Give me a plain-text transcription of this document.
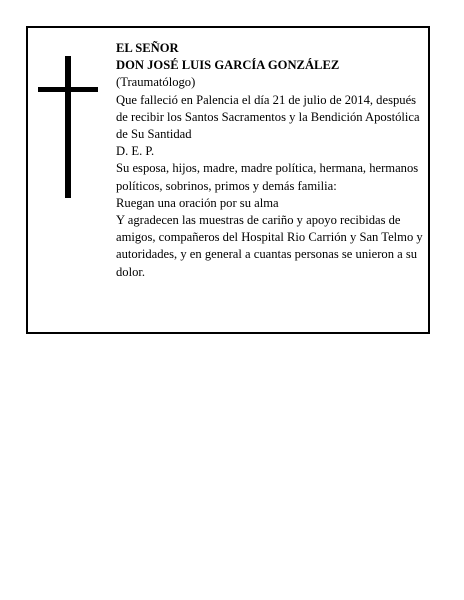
EL SEÑOR
DON JOSÉ LUIS GARCÍA GONZÁLEZ
(Traumatólogo)
Que falleció en Palencia el día 21 de julio de 2014, después de recibir los Santos Sacramentos y la Bendición Apostólica de Su Santidad
D. E. P.
Su esposa, hijos, madre, madre política, hermana, hermanos políticos, sobrinos, primos y demás familia:
Ruegan una oración por su alma
Y agradecen las muestras de cariño y apoyo recibidas de amigos, compañeros del Hospital Rio Carrión y San Telmo y autoridades, y en general a cuantas personas se unieron a su dolor.
